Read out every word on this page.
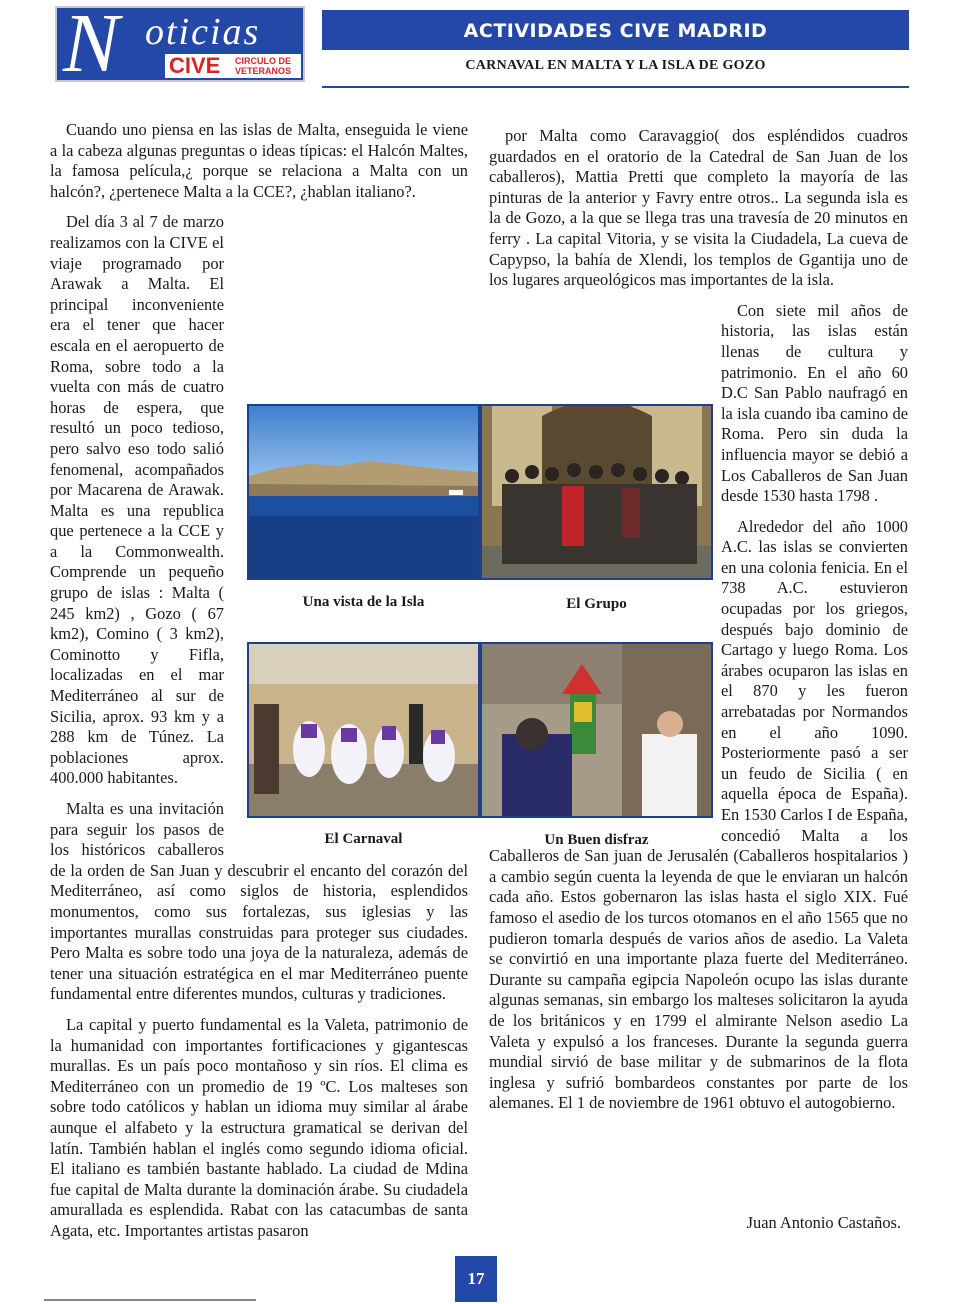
N oticias
CIVE	CIRCULO DE VETERANOS
ACTIVIDADES CIVE MADRID
CARNAVAL EN MALTA Y LA ISLA DE GOZO

Cuando uno piensa en las islas de Malta, enseguida le viene a la cabeza algunas preguntas o ideas típicas: el Halcón Maltes, la famosa película,¿ porque se relaciona a Malta con un halcón?, ¿pertenece Malta a la CCE?, ¿hablan italiano?.

Del día 3 al 7 de marzo realizamos con la CIVE el viaje programado por Arawak a Malta. El principal inconveniente era el tener que hacer escala en el aeropuerto de Roma, sobre todo a la vuelta con más de cuatro horas de espera, que resultó un poco tedioso, pero salvo eso todo salió fenomenal, acompañados por Macarena de Arawak. Malta es una republica que pertenece a la CCE y a la Commonwealth. Comprende un pequeño grupo de islas : Malta ( 245 km2) , Gozo ( 67 km2), Comino ( 3 km2), Cominotto y Fifla, localizadas en el mar Mediterráneo al sur de Sicilia, aprox. 93 km y a 288 km de Túnez. La poblaciones aprox. 400.000 habitantes.

Malta es una invitación para seguir los pasos de los históricos caballeros de la orden de San Juan y descubrir el encanto del corazón del Mediterráneo, así como siglos de historia, esplendidos monumentos, como sus fortalezas, sus iglesias y las importantes murallas construidas para proteger sus ciudades. Pero Malta es sobre todo una joya de la naturaleza, además de tener una situación estratégica en el mar Mediterráneo puente fundamental entre diferentes mundos, culturas y tradiciones.

La capital y puerto fundamental es la Valeta, patrimonio de la humanidad con importantes fortificaciones y gigantescas murallas. Es un país poco montañoso y sin ríos. El clima es Mediterráneo con un promedio de 19 ºC. Los malteses son sobre todo católicos y hablan un idioma muy similar al árabe aunque el alfabeto y la estructura gramatical se derivan del latín. También hablan el inglés como segundo idioma oficial. El italiano es también bastante hablado. La ciudad de Mdina fue capital de Malta durante la dominación árabe. Su ciudadela amurallada es esplendida. Rabat con las catacumbas de santa Agata, etc. Importantes artistas pasaron

por Malta como Caravaggio( dos espléndidos cuadros guardados en el oratorio de la Catedral de San Juan de los caballeros), Mattia Pretti que completo la mayoría de las pinturas de la anterior y Favry entre otros.. La segunda isla es la de Gozo, a la que se llega tras una travesía de 20 minutos en ferry . La capital Vitoria, y se visita la Ciudadela, La cueva de Capypso, la bahía de Xlendi, los templos de Ggantija uno de los lugares arqueológicos mas importantes de la isla.

Con siete mil años de historia, las islas están llenas de cultura y patrimonio. En el año 60 D.C San Pablo naufragó en la isla cuando iba camino de Roma. Pero sin duda la influencia mayor se debió a Los Caballeros de San Juan desde 1530 hasta 1798 .

Alrededor del año 1000 A.C. las islas se convierten en una colonia fenicia. En el 738 A.C. estuvieron ocupadas por los griegos, después bajo dominio de Cartago y luego Roma. Los árabes ocuparon las islas en el 870 y les fueron arrebatadas por Normandos en el año 1090. Posteriormente pasó a ser un feudo de Sicilia ( en aquella época de España). En 1530 Carlos I de España, concedió Malta a los Caballeros de San juan de Jerusalén (Caballeros hospitalarios ) a cambio según cuenta la leyenda de que le enviaran un halcón cada año. Estos gobernaron las islas hasta el siglo XIX. Fué famoso el asedio de los turcos otomanos en el año 1565 que no pudieron tomarla después de varios años de asedio. La Valeta se convirtió en una importante plaza fuerte del Mediterráneo. Durante su campaña egipcia Napoleón ocupo las islas durante algunas semanas, sin embargo los malteses solicitaron la ayuda de los británicos y en 1799 el almirante Nelson asedio La Valeta y expulsó a los franceses. Durante la segunda guerra mundial sirvió de base militar y de submarinos de la flota inglesa y sufrió bombardeos constantes por parte de los alemanes. El 1 de noviembre de 1961 obtuvo el autogobierno.

Una vista de la Isla	El Grupo
El Carnaval	Un Buen disfraz
Juan Antonio Castaños.
17
